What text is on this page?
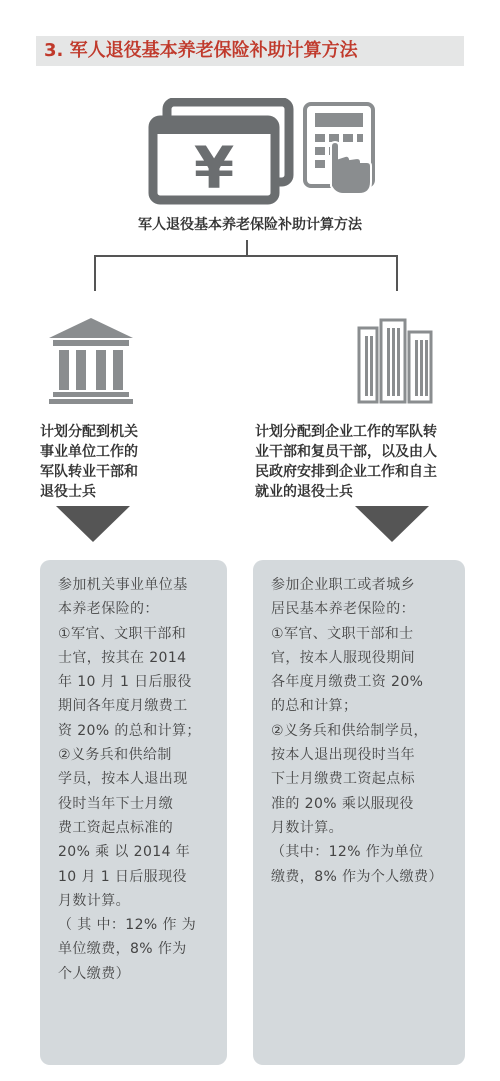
3. 军人退役基本养老保险补助计算方法
¥
军人退役基本养老保险补助计算方法
计划分配到机关
事业单位工作的
军队转业干部和
退役士兵
计划分配到企业工作的军队转
业干部和复员干部，以及由人
民政府安排到企业工作和自主
就业的退役士兵
参加机关事业单位基
本养老保险的：
①军官、文职干部和
士官，按其在 2014
年 10 月 1 日后服役
期间各年度月缴费工
资 20% 的总和计算；
②义务兵和供给制
学员，按本人退出现
役时当年下士月缴
费工资起点标准的
20% 乘 以 2014 年
10 月 1 日后服现役
月数计算。
（ 其 中：12% 作 为
单位缴费，8% 作为
个人缴费）
参加企业职工或者城乡
居民基本养老保险的：
①军官、文职干部和士
官，按本人服现役期间
各年度月缴费工资 20%
的总和计算；
②义务兵和供给制学员，
按本人退出现役时当年
下士月缴费工资起点标
准的 20% 乘以服现役
月数计算。
（其中：12% 作为单位
缴费，8% 作为个人缴费）
